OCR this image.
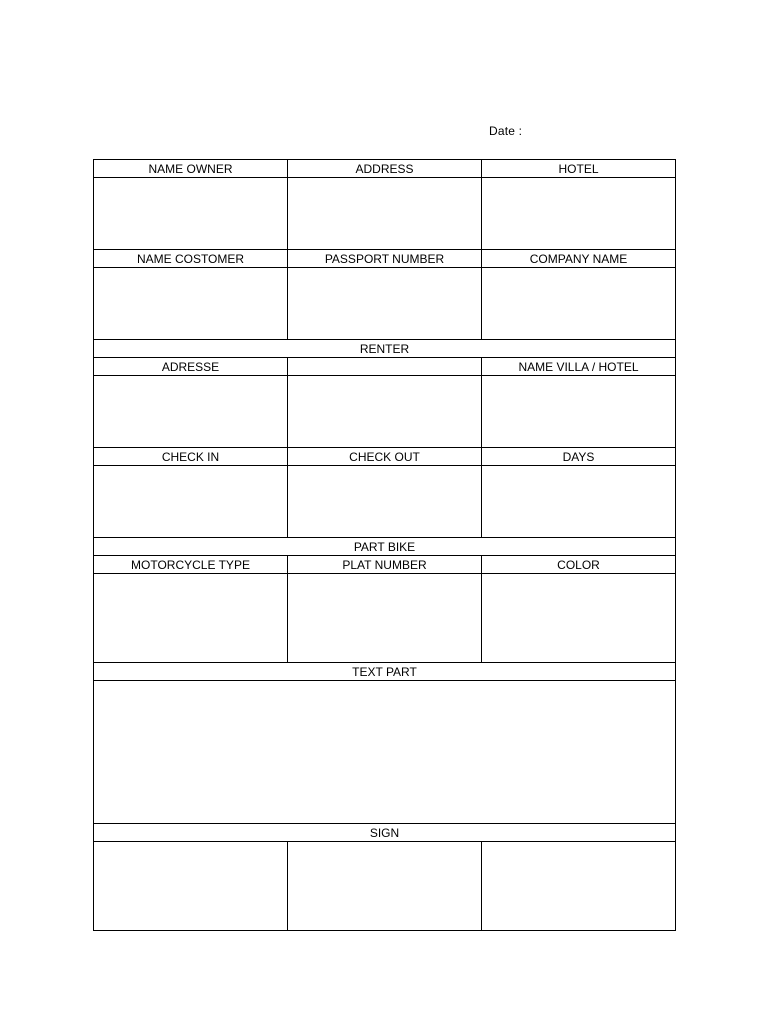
Date :
NAME OWNER	ADDRESS	HOTEL

NAME COSTOMER	PASSPORT NUMBER	COMPANY NAME

RENTER		
ADRESSE		NAME VILLA / HOTEL

CHECK IN	CHECK OUT	DAYS

PART BIKE		
MOTORCYCLE TYPE	PLAT NUMBER	COLOR

TEXT PART		

SIGN		
